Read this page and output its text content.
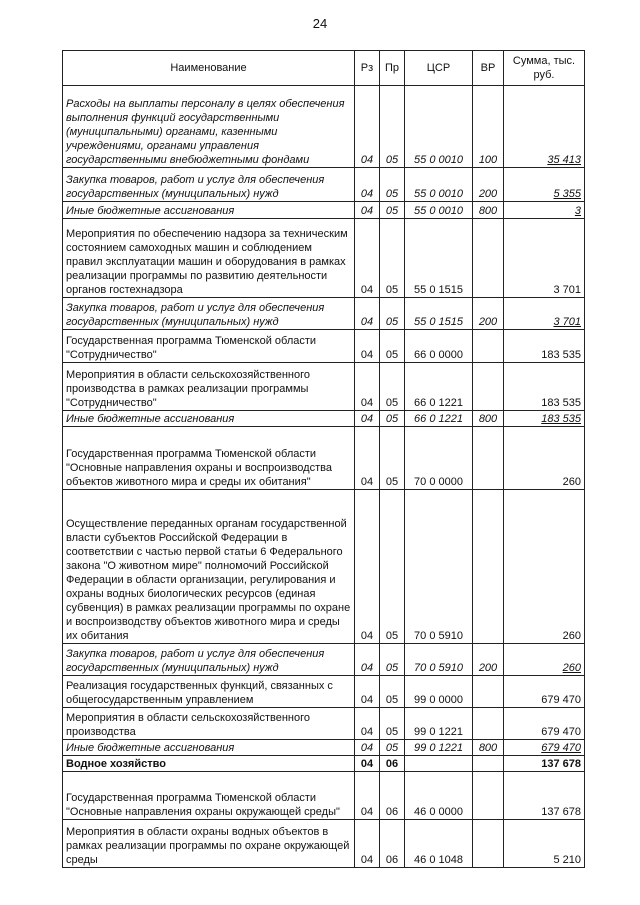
24
Наименование	Рз	Пр	ЦСР	ВР	Сумма, тыс. руб.
Расходы на выплаты персоналу в целях обеспечения выполнения функций государственными (муниципальными) органами, казенными учреждениями, органами управления государственными внебюджетными фондами	04	05	55 0 0010	100	35 413
Закупка товаров, работ и услуг для обеспечения государственных (муниципальных) нужд	04	05	55 0 0010	200	5 355
Иные бюджетные ассигнования	04	05	55 0 0010	800	3
Мероприятия по обеспечению надзора за техническим состоянием самоходных машин и соблюдением правил эксплуатации машин и оборудования в рамках реализации программы по развитию деятельности органов гостехнадзора	04	05	55 0 1515		3 701
Закупка товаров, работ и услуг для обеспечения государственных (муниципальных) нужд	04	05	55 0 1515	200	3 701
Государственная программа Тюменской области "Сотрудничество"	04	05	66 0 0000		183 535
Мероприятия в области сельскохозяйственного производства в рамках реализации программы "Сотрудничество"	04	05	66 0 1221		183 535
Иные бюджетные ассигнования	04	05	66 0 1221	800	183 535
Государственная программа Тюменской области "Основные направления охраны и воспроизводства объектов животного мира и среды их обитания"	04	05	70 0 0000		260
Осуществление переданных органам государственной власти субъектов Российской Федерации в соответствии с частью первой статьи 6 Федерального закона "О животном мире" полномочий Российской Федерации в области организации, регулирования и охраны водных биологических ресурсов (единая субвенция) в рамках реализации программы по охране и воспроизводству объектов животного мира и среды их обитания	04	05	70 0 5910		260
Закупка товаров, работ и услуг для обеспечения государственных (муниципальных) нужд	04	05	70 0 5910	200	260
Реализация государственных функций, связанных с общегосударственным управлением	04	05	99 0 0000		679 470
Мероприятия в области сельскохозяйственного производства	04	05	99 0 1221		679 470
Иные бюджетные ассигнования	04	05	99 0 1221	800	679 470
Водное хозяйство	04	06			137 678
Государственная программа Тюменской области "Основные направления охраны окружающей среды"	04	06	46 0 0000		137 678
Мероприятия в области охраны водных объектов в рамках реализации программы по охране окружающей среды	04	06	46 0 1048		5 210
